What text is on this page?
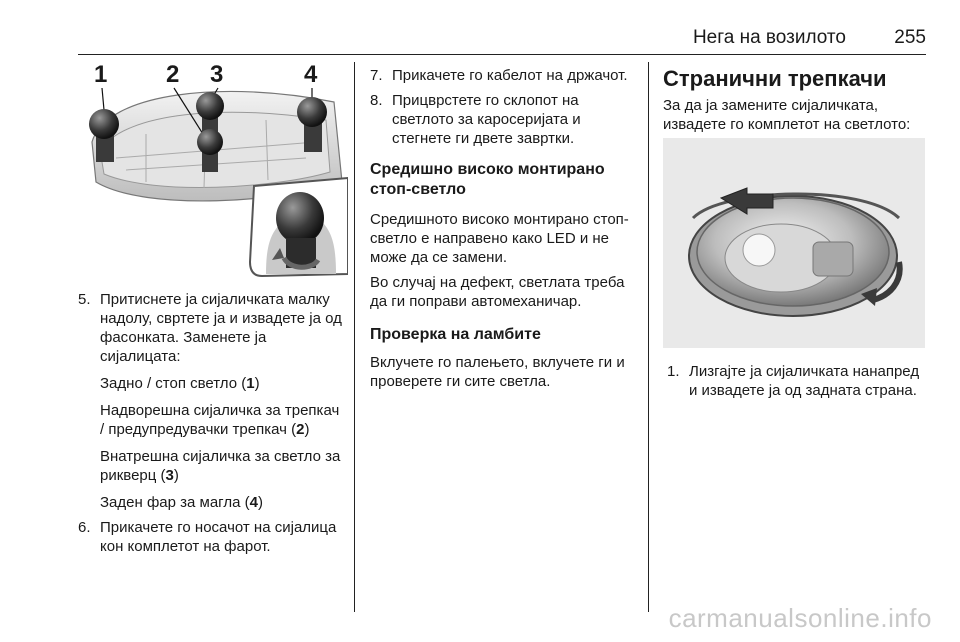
Нега на возилото	255
1 2 3	4

5. Притиснете ја сијаличката малку надолу, свртете ја и извадете ја од фасонката. Заменете ја сијалицата:

Задно / стоп светло (1)

Надворешна сијаличка за трепкач / предупредувачки трепкач (2)

Внатрешна сијаличка за светло за рикверц (3)

Заден фар за магла (4)

6. Прикачете го носачот на сијалица кон комплетот на фарот.

7. Прикачете го кабелот на држачот.

8. Прицврстете го склопот на светлото за каросеријата и стегнете ги двете завртки.

Средишно високо монтирано стоп-светло

Средишното високо монтирано стоп-светло е направено како LED и не може да се замени.

Во случај на дефект, светлата треба да ги поправи автомеханичар.

Проверка на ламбите

Вклучете го палењето, вклучете ги и проверете ги сите светла.

Странични трепкачи

За да ја замените сијаличката, извадете го комплетот на светлото:

1. Лизгајте ја сијаличката нанапред и извадете ја од задната страна.

carmanualsonline.info
